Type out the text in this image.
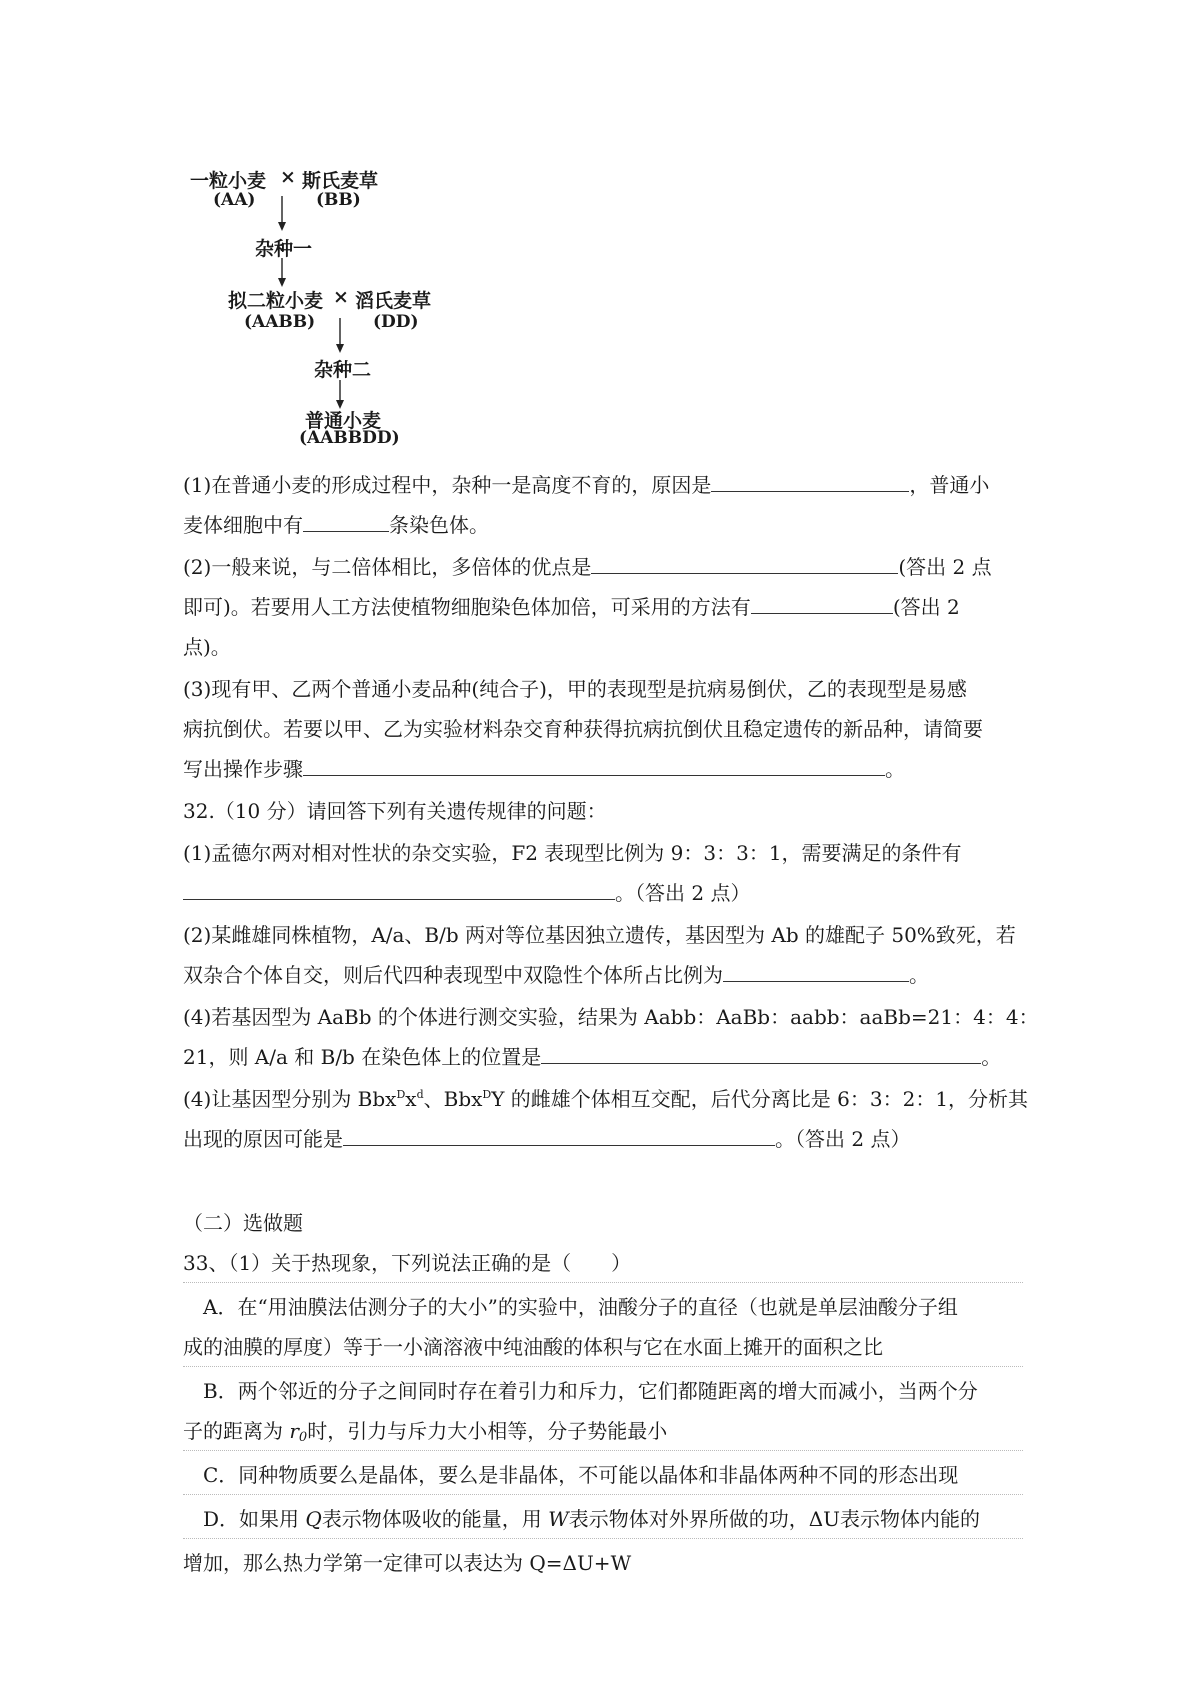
一粒小麦 × 斯氏麦草
(AA)	(BB)
杂种一
拟二粒小麦 × 滔氏麦草
(AABB)	(DD)
杂种二
普通小麦
(AABBDD)
(1)在普通小麦的形成过程中，杂种一是高度不育的，原因是	，普通小
麦体细胞中有	条染色体。
(2)一般来说，与二倍体相比，多倍体的优点是	(答出 2 点
即可)。若要用人工方法使植物细胞染色体加倍，可采用的方法有	(答出 2
点)。
(3)现有甲、乙两个普通小麦品种(纯合子)，甲的表现型是抗病易倒伏，乙的表现型是易感
病抗倒伏。若要以甲、乙为实验材料杂交育种获得抗病抗倒伏且稳定遗传的新品种，请简要
写出操作步骤	。
32.（10 分）请回答下列有关遗传规律的问题：
(1)孟德尔两对相对性状的杂交实验，F2 表现型比例为 9：3：3：1，需要满足的条件有
。（答出 2 点）
(2)某雌雄同株植物，A/a、B/b 两对等位基因独立遗传，基因型为 Ab 的雄配子 50%致死，若
双杂合个体自交，则后代四种表现型中双隐性个体所占比例为	。
(4)若基因型为 AaBb 的个体进行测交实验，结果为 Aabb：AaBb：aabb：aaBb=21：4：4：
21，则 A/a 和 B/b 在染色体上的位置是	。
(4)让基因型分别为 $Bbx^Dx^d$、Bbx$^D$Y 的雌雄个体相互交配，后代分离比是 6：3：2：1，分析其
出现的原因可能是	。（答出 2 点）
（二）选做题
33、（1）关于热现象，下列说法正确的是（　　）
A．在“用油膜法估测分子的大小”的实验中，油酸分子的直径（也就是单层油酸分子组
成的油膜的厚度）等于一小滴溶液中纯油酸的体积与它在水面上摊开的面积之比
B．两个邻近的分子之间同时存在着引力和斥力，它们都随距离的增大而减小，当两个分
子的距离为 $r_0$时，引力与斥力大小相等，分子势能最小
C．同种物质要么是晶体，要么是非晶体，不可能以晶体和非晶体两种不同的形态出现
D．如果用 Q表示物体吸收的能量，用 W表示物体对外界所做的功，ΔU表示物体内能的
增加，那么热力学第一定律可以表达为 Q=ΔU+W
